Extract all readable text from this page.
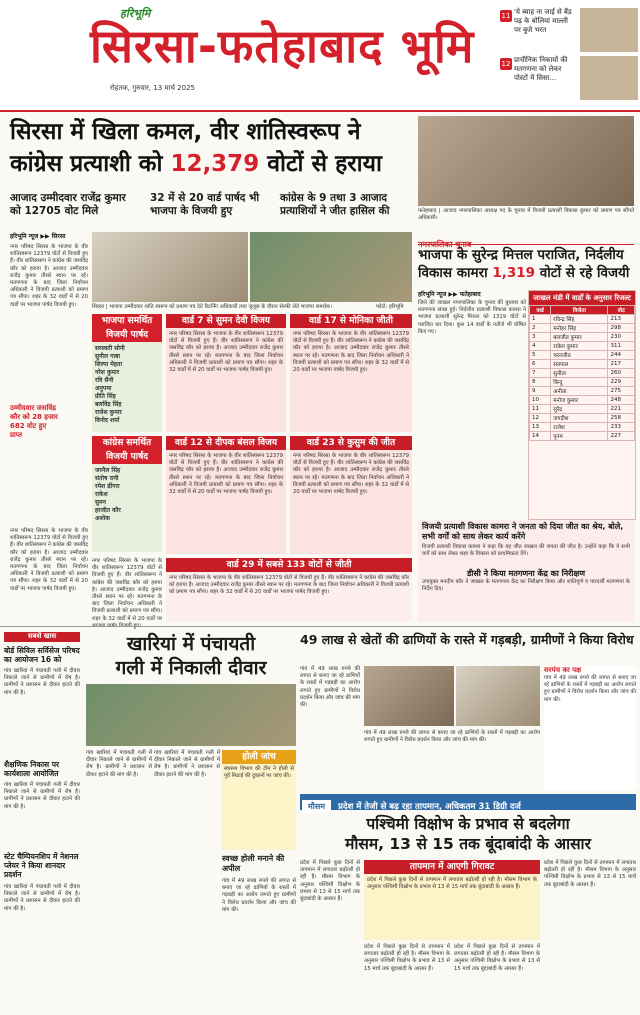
हरिभूमि
सिरसा-फतेहाबाद भूमि
रोहतक, गुरुवार, 13 मार्च 2025
11 'ये ब्याह ना जाई से बैंड पढ़ के बोलियां माल्ली पर बुजे भरत
12 प्राचीनिक निकायों की मतगणना को लेकर पोस्टों में सिसा...
सिरसा में खिला कमल, वीर शांतिस्वरूप ने
कांग्रेस प्रत्याशी को 12,379 वोटों से हराया
आजाद उम्मीदवार राजेंद्र कुमार को 12705 वोट मिले
32 में से 20 वार्ड पार्षद भी भाजपा के विजयी हुए
कांग्रेस के 9 तथा 3 आजाद प्रत्याशियों ने जीत हासिल की	फतेहाबाद | आजाद नगरपालिका अध्यक्ष पद के चुनाव में विजयी प्रत्याशी विकास कुमार को प्रमाण पत्र सौंपते अधिकारी।
हरिभूमि न्यूज ▶▶ सिरसा
नगर परिषद सिरसा के भाजपा के वीर शांतिस्वरूप 12379 वोटों से विजयी हुए हैं। वीर शांतिस्वरूप ने कांग्रेस की जसविंद्र कौर को हराया है। आजाद उम्मीदवार राजेंद्र कुमार तीसरे स्थान पर रहे। मतगणना के बाद जिला निर्वाचन अधिकारी ने विजयी प्रत्याशी को प्रमाण पत्र सौंपा। शहर के 32 वार्डों में से 20 वार्डों पर भाजपा पार्षद विजयी हुए।
उम्मीदवार जसविंद्र कौर को 28 हजार 682 वोट हुए प्राप्त
सिरसा | भाजपा उम्मीदवार शांति स्वरूप को प्रमाण पत्र देते रिटर्निंग अधिकारी तथा जुलूस के दौरान सेल्फी लेते भाजपा समर्थक।	फोटो: हरिभूमि
भाजपा समर्थित विजयी पार्षद
सरस्वती सोनी
सुनील गाबा
शिल्पा मेहता
नरेश कुमार
रवि सैनी
अनुपमा
प्रीति सिंह
बलविंद्र सिंह
राजेश कुमार
विनोद शर्मा
कांग्रेस समर्थित विजयी पार्षद
जरनैल सिंह
संतोष रानी
रमेश ढींगरा
राकेश
सुमन
हरजीत कौर
अशोक
वार्ड 7 से सुमन देवी विजय
नगर परिषद सिरसा के भाजपा के वीर शांतिस्वरूप 12379 वोटों से विजयी हुए हैं। वीर शांतिस्वरूप ने कांग्रेस की जसविंद्र कौर को हराया है। आजाद उम्मीदवार राजेंद्र कुमार तीसरे स्थान पर रहे। मतगणना के बाद जिला निर्वाचन अधिकारी ने विजयी प्रत्याशी को प्रमाण पत्र सौंपा। शहर के 32 वार्डों में से 20 वार्डों पर भाजपा पार्षद विजयी हुए।
वार्ड 17 से मोनिका जीती
नगर परिषद सिरसा के भाजपा के वीर शांतिस्वरूप 12379 वोटों से विजयी हुए हैं। वीर शांतिस्वरूप ने कांग्रेस की जसविंद्र कौर को हराया है। आजाद उम्मीदवार राजेंद्र कुमार तीसरे स्थान पर रहे। मतगणना के बाद जिला निर्वाचन अधिकारी ने विजयी प्रत्याशी को प्रमाण पत्र सौंपा। शहर के 32 वार्डों में से 20 वार्डों पर भाजपा पार्षद विजयी हुए।
वार्ड 12 से दीपक बंसल विजय
नगर परिषद सिरसा के भाजपा के वीर शांतिस्वरूप 12379 वोटों से विजयी हुए हैं। वीर शांतिस्वरूप ने कांग्रेस की जसविंद्र कौर को हराया है। आजाद उम्मीदवार राजेंद्र कुमार तीसरे स्थान पर रहे। मतगणना के बाद जिला निर्वाचन अधिकारी ने विजयी प्रत्याशी को प्रमाण पत्र सौंपा। शहर के 32 वार्डों में से 20 वार्डों पर भाजपा पार्षद विजयी हुए।
वार्ड 23 से कुसुम की जीत
नगर परिषद सिरसा के भाजपा के वीर शांतिस्वरूप 12379 वोटों से विजयी हुए हैं। वीर शांतिस्वरूप ने कांग्रेस की जसविंद्र कौर को हराया है। आजाद उम्मीदवार राजेंद्र कुमार तीसरे स्थान पर रहे। मतगणना के बाद जिला निर्वाचन अधिकारी ने विजयी प्रत्याशी को प्रमाण पत्र सौंपा। शहर के 32 वार्डों में से 20 वार्डों पर भाजपा पार्षद विजयी हुए।
वार्ड 29 में सबसे 133 वोटों से जीती
नगर परिषद सिरसा के भाजपा के वीर शांतिस्वरूप 12379 वोटों से विजयी हुए हैं। वीर शांतिस्वरूप ने कांग्रेस की जसविंद्र कौर को हराया है। आजाद उम्मीदवार राजेंद्र कुमार तीसरे स्थान पर रहे। मतगणना के बाद जिला निर्वाचन अधिकारी ने विजयी प्रत्याशी को प्रमाण पत्र सौंपा। शहर के 32 वार्डों में से 20 वार्डों पर भाजपा पार्षद विजयी हुए।
नगर परिषद सिरसा के भाजपा के वीर शांतिस्वरूप 12379 वोटों से विजयी हुए हैं। वीर शांतिस्वरूप ने कांग्रेस की जसविंद्र कौर को हराया है। आजाद उम्मीदवार राजेंद्र कुमार तीसरे स्थान पर रहे। मतगणना के बाद जिला निर्वाचन अधिकारी ने विजयी प्रत्याशी को प्रमाण पत्र सौंपा। शहर के 32 वार्डों में से 20 वार्डों पर
नगर परिषद सिरसा के भाजपा के वीर शांतिस्वरूप 12379 वोटों से विजयी हुए हैं। वीर शांतिस्वरूप ने कांग्रेस की जसविंद्र कौर को हराया है। आजाद उम्मीदवार राजेंद्र कुमार तीसरे स्थान पर रहे। मतगणना के बाद जिला निर्वाचन अधिकारी ने विजयी प्रत्याशी को प्रमाण पत्र सौंपा। शहर के 32 वार्डों में से 20 वार्डों पर भाजपा पार्षद विजयी हुए।
नगरपालिका चुनाव
भाजपा के सुरेन्द्र मित्तल पराजित, निर्दलीय
विकास कामरा 1,319 वोटों से रहे विजयी
हरिभूमि न्यूज ▶▶ फतेहाबाद
जिले की जाखल नगरपालिका के चुनाव की बुधवार को मतगणना संपन्न हुई। निर्दलीय प्रत्याशी विकास कामरा ने भाजपा प्रत्याशी सुरेन्द्र मित्तल को 1319 वोटों से पराजित कर दिया। कुल 14 वार्डों के नतीजे भी घोषित किए गए।
जाखल मंडी में वार्डों के अनुसार रिजल्ट
वार्ड	विजेता	वोट
1	रविन्द्र सिंह	213
2	मनोहर सिंह	298
3	बलजीत कुमार	230
4	राकेश कुमार	311
5	चरनजीत	244
6	सतपाल	217
7	सुनीता	260
8	बिन्दु	229
9	अनीता	275
10	मनोज कुमार	248
11	सुरेंद्र	221
12	जगदीश	258
13	राजेश	233
14	पूनम	227
विजयी प्रत्याशी विकास कामरा ने जनता को दिया जीत का श्रेय, बोले, सभी वर्गों को साथ लेकर कार्य करेंगे
विजयी प्रत्याशी विकास कामरा ने कहा कि यह जीत जाखल की जनता की जीत है। उन्होंने कहा कि वे सभी वर्गों को साथ लेकर शहर के विकास को प्राथमिकता देंगे।
डीसी ने किया मतगणना केंद्र का निरीक्षण
उपायुक्त मनदीप कौर ने जाखल के मतगणना केंद्र का निरीक्षण किया और शांतिपूर्ण व पारदर्शी मतगणना के निर्देश दिए।
सबसे खास
बोर्ड सिविल सर्विसेज परिषद का आयोजन 16 को
गांव खारियां में पंचायती गली में दीवार निकाले जाने से ग्रामीणों में रोष है। ग्रामीणों ने प्रशासन से दीवार हटाने की मांग की है।
शैक्षणिक निकास पर कार्यशाला आयोजित
गांव खारियां में पंचायती गली में दीवार निकाले जाने से ग्रामीणों में रोष है। ग्रामीणों ने प्रशासन से दीवार हटाने की मांग की है।
स्टेट चैम्पियनशिप में नेशनल प्लेयर ने किया शानदार प्रदर्शन
गांव खारियां में पंचायती गली में दीवार निकाले जाने से ग्रामीणों में रोष है। ग्रामीणों ने प्रशासन से दीवार हटाने की मांग की है।
खारियां में पंचायती
गली में निकाली दीवार
गांव खारियां में पंचायती गली में दीवार निकाले जाने से ग्रामीणों में रोष है। ग्रामीणों ने प्रशासन से दीवार हटाने की मांग की है।
गांव खारियां में पंचायती गली में दीवार निकाले जाने से ग्रामीणों में रोष है। ग्रामीणों ने प्रशासन से दीवार हटाने की मांग की है।
होली जांच
स्वास्थ्य विभाग की टीम ने होली से पूर्व मिठाई की दुकानों पर जांच की।
स्वच्छ होली मनाने की अपील
गांव में 49 लाख रुपये की लागत से बनाए जा रहे ढाणियों के रास्तों में गड़बड़ी का आरोप लगाते हुए ग्रामीणों ने विरोध प्रदर्शन किया और जांच की मांग की।
49 लाख से खेतों की ढाणियों के रास्ते में गड़बड़ी, ग्रामीणों ने किया विरोध
गांव में 49 लाख रुपये की लागत से बनाए जा रहे ढाणियों के रास्तों में गड़बड़ी का आरोप लगाते हुए ग्रामीणों ने विरोध प्रदर्शन किया और जांच की मांग की।
गांव में 49 लाख रुपये की लागत से बनाए जा रहे ढाणियों के रास्तों में गड़बड़ी का आरोप लगाते हुए ग्रामीणों ने विरोध प्रदर्शन किया और जांच की मांग की।
सरपंच का पक्ष
गांव में 49 लाख रुपये की लागत से बनाए जा रहे ढाणियों के रास्तों में गड़बड़ी का आरोप लगाते हुए ग्रामीणों ने विरोध प्रदर्शन किया और जांच की मांग की।
मौसम प्रदेश में तेजी से बढ़ रहा तापमान, अधिकतम 31 डिग्री दर्ज
पश्चिमी विक्षोभ के प्रभाव से बदलेगा
मौसम, 13 से 15 तक बूंदाबांदी के आसार
प्रदेश में पिछले कुछ दिनों से तापमान में लगातार बढ़ोतरी हो रही है। मौसम विभाग के अनुसार पश्चिमी विक्षोभ के प्रभाव से 13 से 15 मार्च तक बूंदाबांदी के आसार हैं।
तापमान में आएगी गिरावट
प्रदेश में पिछले कुछ दिनों से तापमान में लगातार बढ़ोतरी हो रही है। मौसम विभाग के अनुसार पश्चिमी विक्षोभ के प्रभाव से 13 से 15 मार्च तक बूंदाबांदी के आसार हैं।
प्रदेश में पिछले कुछ दिनों से तापमान में लगातार बढ़ोतरी हो रही है। मौसम विभाग के अनुसार पश्चिमी विक्षोभ के प्रभाव से 13 से 15 मार्च तक बूंदाबांदी के आसार हैं।
प्रदेश में पिछले कुछ दिनों से तापमान में लगातार बढ़ोतरी हो रही है। मौसम विभाग के अनुसार पश्चिमी विक्षोभ के प्रभाव से 13 से 15 मार्च तक बूंदाबांदी के आसार हैं।
प्रदेश में पिछले कुछ दिनों से तापमान में लगातार बढ़ोतरी हो रही है। मौसम विभाग के अनुसार पश्चिमी विक्षोभ के प्रभाव से 13 से 15 मार्च तक बूंदाबांदी के आसार हैं।
